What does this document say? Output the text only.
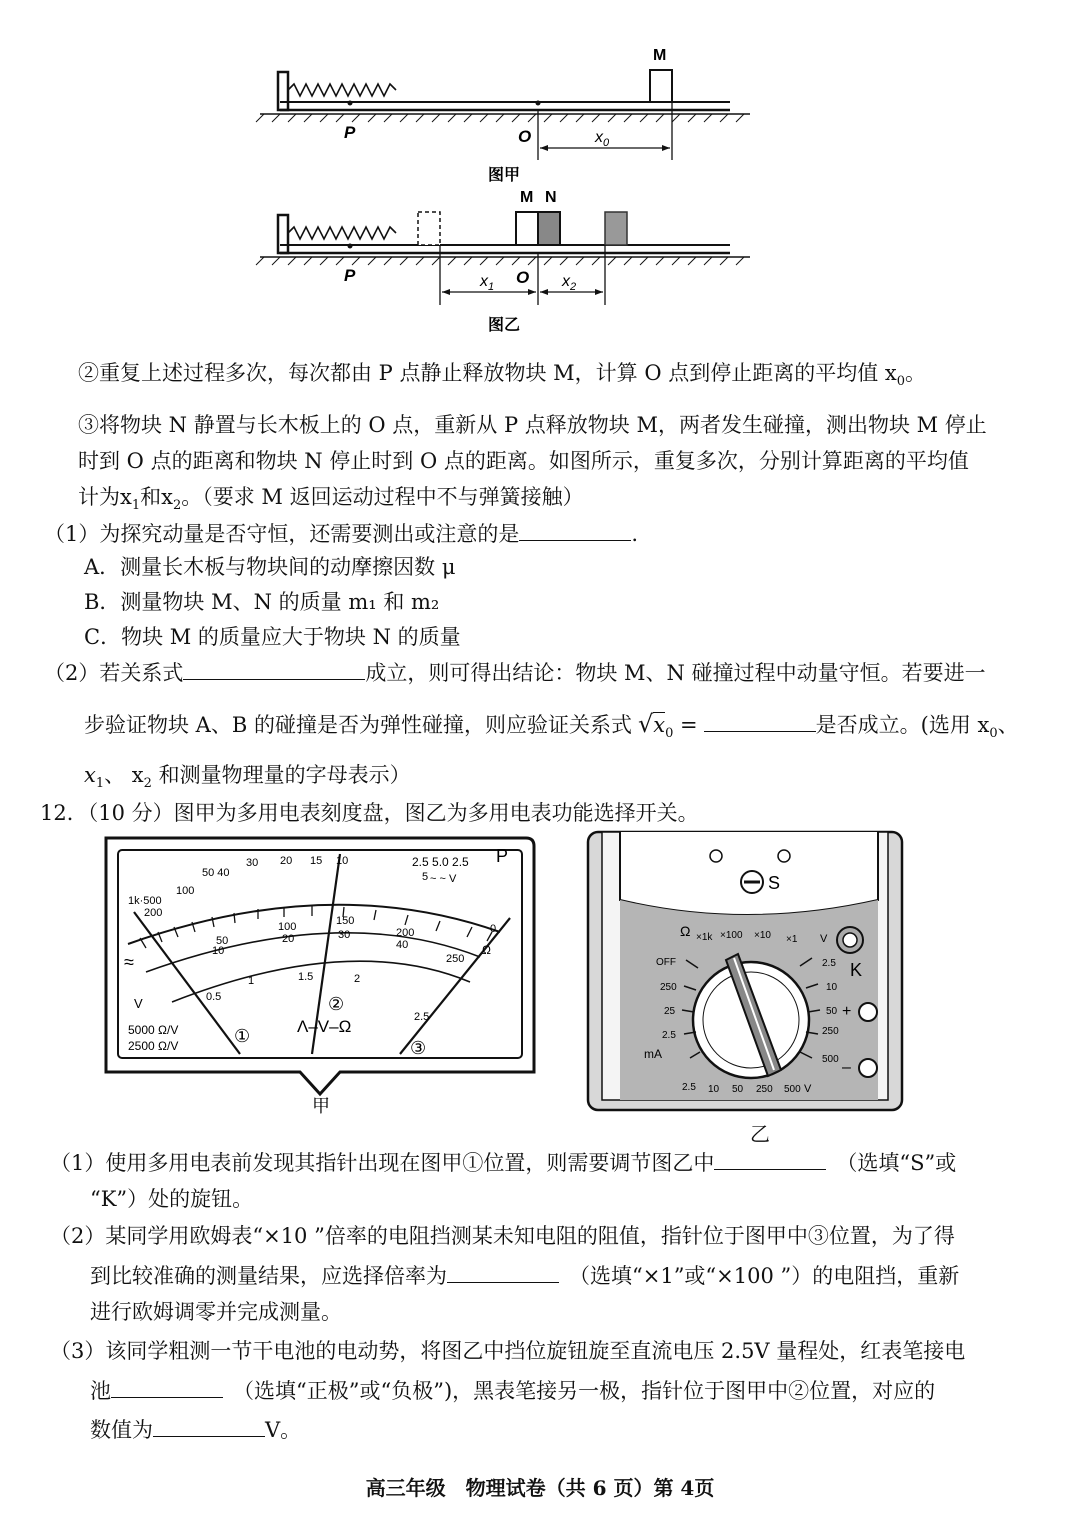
M
P	O	$x_0$
图甲
M N
P	O
$x_1$	$x_2$
图乙
②重复上述过程多次，每次都由 P 点静止释放物块 M，计算 O 点到停止距离的平均值 $x_0$。
③将物块 N 静置与长木板上的 O 点，重新从 P 点释放物块 M，两者发生碰撞，测出物块 M 停止
时到 O 点的距离和物块 N 停止时到 O 点的距离。如图所示，重复多次，分别计算距离的平均值
计为$x_1$和$x_2$。（要求 M 返回运动过程中不与弹簧接触）
（1）为探究动量是否守恒，还需要测出或注意的是	.
A．测量长木板与物块间的动摩擦因数 μ
B．测量物块 M、N 的质量 m₁ 和 m₂
C．物块 M 的质量应大于物块 N 的质量
（2）若关系式	成立，则可得出结论：物块 M、N 碰撞过程中动量守恒。若要进一
步验证物块 A、B 的碰撞是否为弹性碰撞，则应验证关系式 $√x_0$ =	是否成立。(选用 $x_0$、
$x_1$、 $x_2$ 和测量物理量的字母表示）
12．（10 分）图甲为多用电表刻度盘，图乙为多用电表功能选择开关。
1k·500
200
100
50 40
30 20 15 10
5
0
2.5 5.0 2.5
~ ~ V
P
Ω
≈
V
50
10
100
20
150
30	200
40
250
0.5
1	1.5	2
2.5
Λ–V–Ω
5000 Ω/V
2500 Ω/V	①
②
③
甲
S
Ω ×1k ×100 ×10 ×1
OFF
250
25
2.5
mA
2.5 10 50 250 500 V
V
2.5
10
50
250
500
K
+
–
乙
（1）使用多用电表前发现其指针出现在图甲①位置，则需要调节图乙中	（选填“S”或
“K”）处的旋钮。
（2）某同学用欧姆表“×10 ”倍率的电阻挡测某未知电阻的阻值，指针位于图甲中③位置，为了得
到比较准确的测量结果，应选择倍率为	（选填“×1”或“×100 ”）的电阻挡，重新
进行欧姆调零并完成测量。
（3）该同学粗测一节干电池的电动势，将图乙中挡位旋钮旋至直流电压 2.5V 量程处，红表笔接电
池	（选填“正极”或“负极”)，黑表笔接另一极，指针位于图甲中②位置，对应的
数值为	V。
高三年级　物理试卷（共 6 页）第 4页
